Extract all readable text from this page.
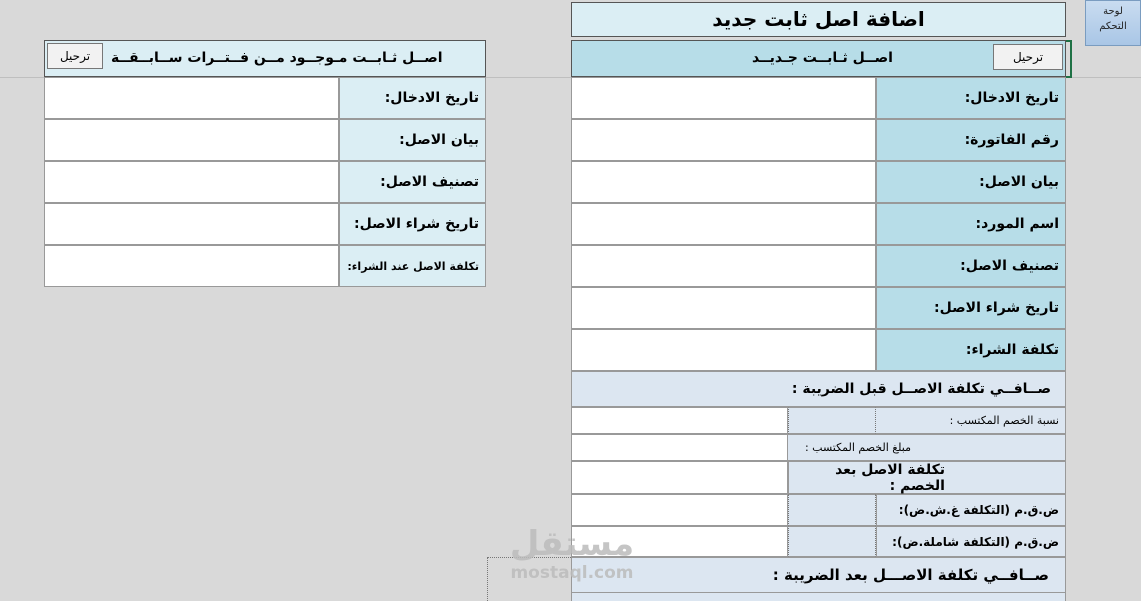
لوحة
التحكم
اضافة اصل ثابت جديد
اصــل ثـابــت جـديــد	ترحيل
تاريخ الادخال:
رقم الفاتورة:
بيان الاصل:
اسم المورد:
تصنيف الاصل:
تاريخ شراء الاصل:
تكلفة الشراء:
صــافــي تكلفة الاصــل قبل الضريبة :
نسبة الخصم المكتسب :
مبلغ الخصم المكتسب :
تكلفة الاصل بعد الخصم :
ض.ق.م (التكلفة غ.ش.ض):
ض.ق.م (التكلفة شاملة.ض):
صــافــي تكلفة الاصـــل بعد الضريبة :
اصــل ثـابــت مـوجــود مــن فــتــرات ســابــقــة
ترحيل
تاريخ الادخال:
بيان الاصل:
تصنيف الاصل:
تاريخ شراء الاصل:
تكلفة الاصل عند الشراء:
مستقل
mostaql.com
